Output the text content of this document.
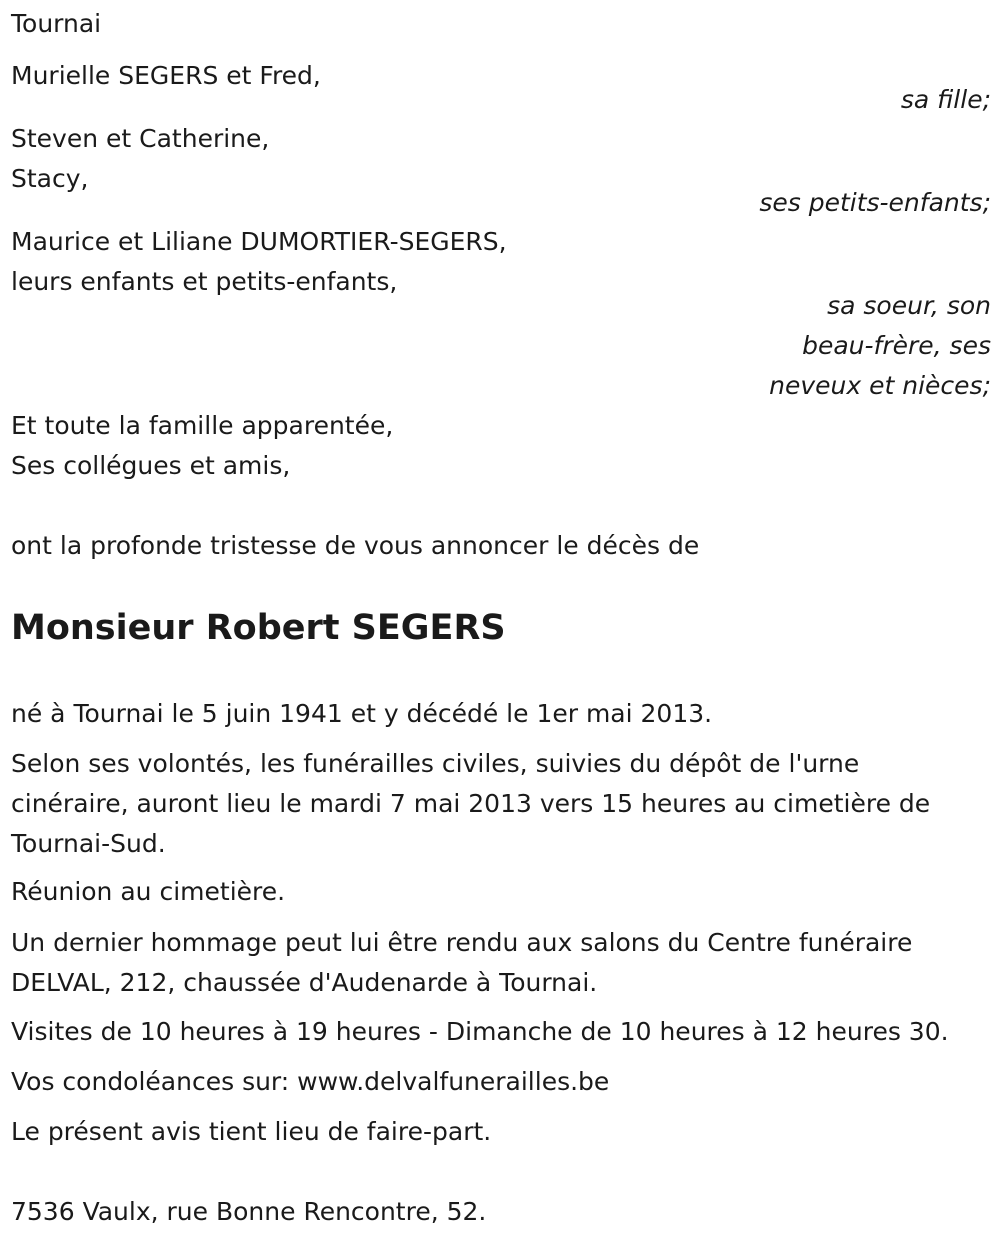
Tournai
Murielle SEGERS et Fred,
sa fille;
Steven et Catherine,
Stacy,
ses petits-enfants;
Maurice et Liliane DUMORTIER-SEGERS,
leurs enfants et petits-enfants,
sa soeur, son
beau-frère, ses
neveux et nièces;
Et toute la famille apparentée,
Ses collégues et amis,
ont la profonde tristesse de vous annoncer le décès de
Monsieur Robert SEGERS
né à Tournai le 5 juin 1941 et y décédé le 1er mai 2013.
Selon ses volontés, les funérailles civiles, suivies du dépôt de l'urne cinéraire, auront lieu le mardi 7 mai 2013 vers 15 heures au cimetière de Tournai-Sud.
Réunion au cimetière.
Un dernier hommage peut lui être rendu aux salons du Centre funéraire DELVAL, 212, chaussée d'Audenarde à Tournai.
Visites de 10 heures à 19 heures - Dimanche de 10 heures à 12 heures 30.
Vos condoléances sur: www.delvalfunerailles.be
Le présent avis tient lieu de faire-part.
7536 Vaulx, rue Bonne Rencontre, 52.
